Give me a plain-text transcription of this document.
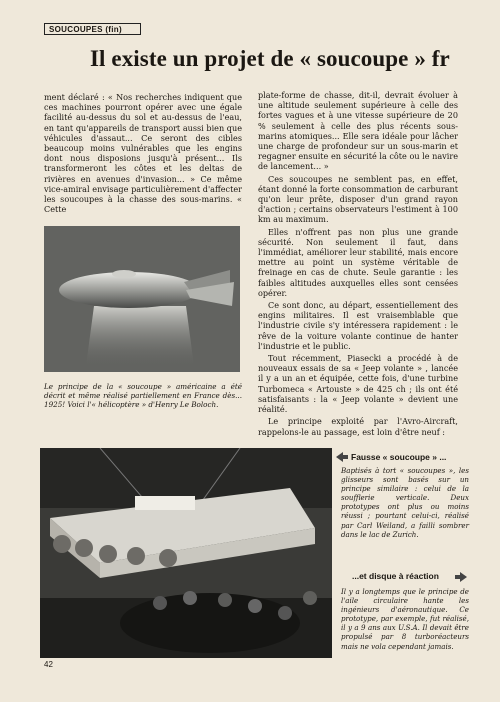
SOUCOUPES (fin)
Il existe un projet de « soucoupe » fr

ment déclaré : « Nos recherches indiquent que ces machines pourront opérer avec une égale facilité au-dessus du sol et au-dessus de l'eau, en tant qu'appareils de transport aussi bien que véhicules d'assaut... Ce seront des cibles beaucoup moins vulnérables que les engins dont nous disposions jusqu'à présent... Ils transformeront les côtes et les deltas de rivières en avenues d'invasion... » Ce même vice-amiral envisage particulièrement d'affecter les soucoupes à la chasse des sous-marins. « Cette

Le principe de la « soucoupe » américaine a été décrit et même réalisé partiellement en France dès... 1925! Voici l'« hélicoptère » d'Henry Le Boloch.

plate-forme de chasse, dit-il, devrait évoluer à une altitude seulement supérieure à celle des fortes vagues et à une vitesse supérieure de 20 % seulement à celle des plus récents sous-marins atomiques... Elle sera idéale pour lâcher une charge de profondeur sur un sous-marin et regagner ensuite en sécurité la côte ou le navire de lancement... »

Ces soucoupes ne semblent pas, en effet, étant donné la forte consommation de carburant qu'on leur prête, disposer d'un grand rayon d'action ; certains observateurs l'estiment à 100 km au maximum.

Elles n'offrent pas non plus une grande sécurité. Non seulement il faut, dans l'immédiat, améliorer leur stabilité, mais encore mettre au point un système véritable de freinage en cas de chute. Seule garantie : les faibles altitudes auxquelles elles sont censées opérer.

Ce sont donc, au départ, essentiellement des engins militaires. Il est vraisemblable que l'industrie civile s'y intéressera rapidement : le rêve de la voiture volante continue de hanter l'industrie et le public.

Tout récemment, Piasecki a procédé à de nouveaux essais de sa « Jeep volante » , lancée il y a un an et équipée, cette fois, d'une turbine Turbomeca « Artouste » de 425 ch ; ils ont été satisfaisants : la « Jeep volante » devient une réalité.

Le principe exploité par l'Avro-Aircraft, rappelons-le au passage, est loin d'être neuf :

Fausse « soucoupe » ...
Baptisés à tort « soucoupes », les glisseurs sont basés sur un principe similaire : celui de la soufflerie verticale. Deux prototypes ont plus ou moins réussi ; pourtant celui-ci, réalisé par Carl Weiland, a failli sombrer dans le lac de Zurich.
...et disque à réaction
Il y a longtemps que le principe de l'aile circulaire hante les ingénieurs d'aéronautique. Ce prototype, par exemple, fut réalisé, il y a 9 ans aux U.S.A. Il devait être propulsé par 8 turboréacteurs mais ne vola cependant jamais.
42
